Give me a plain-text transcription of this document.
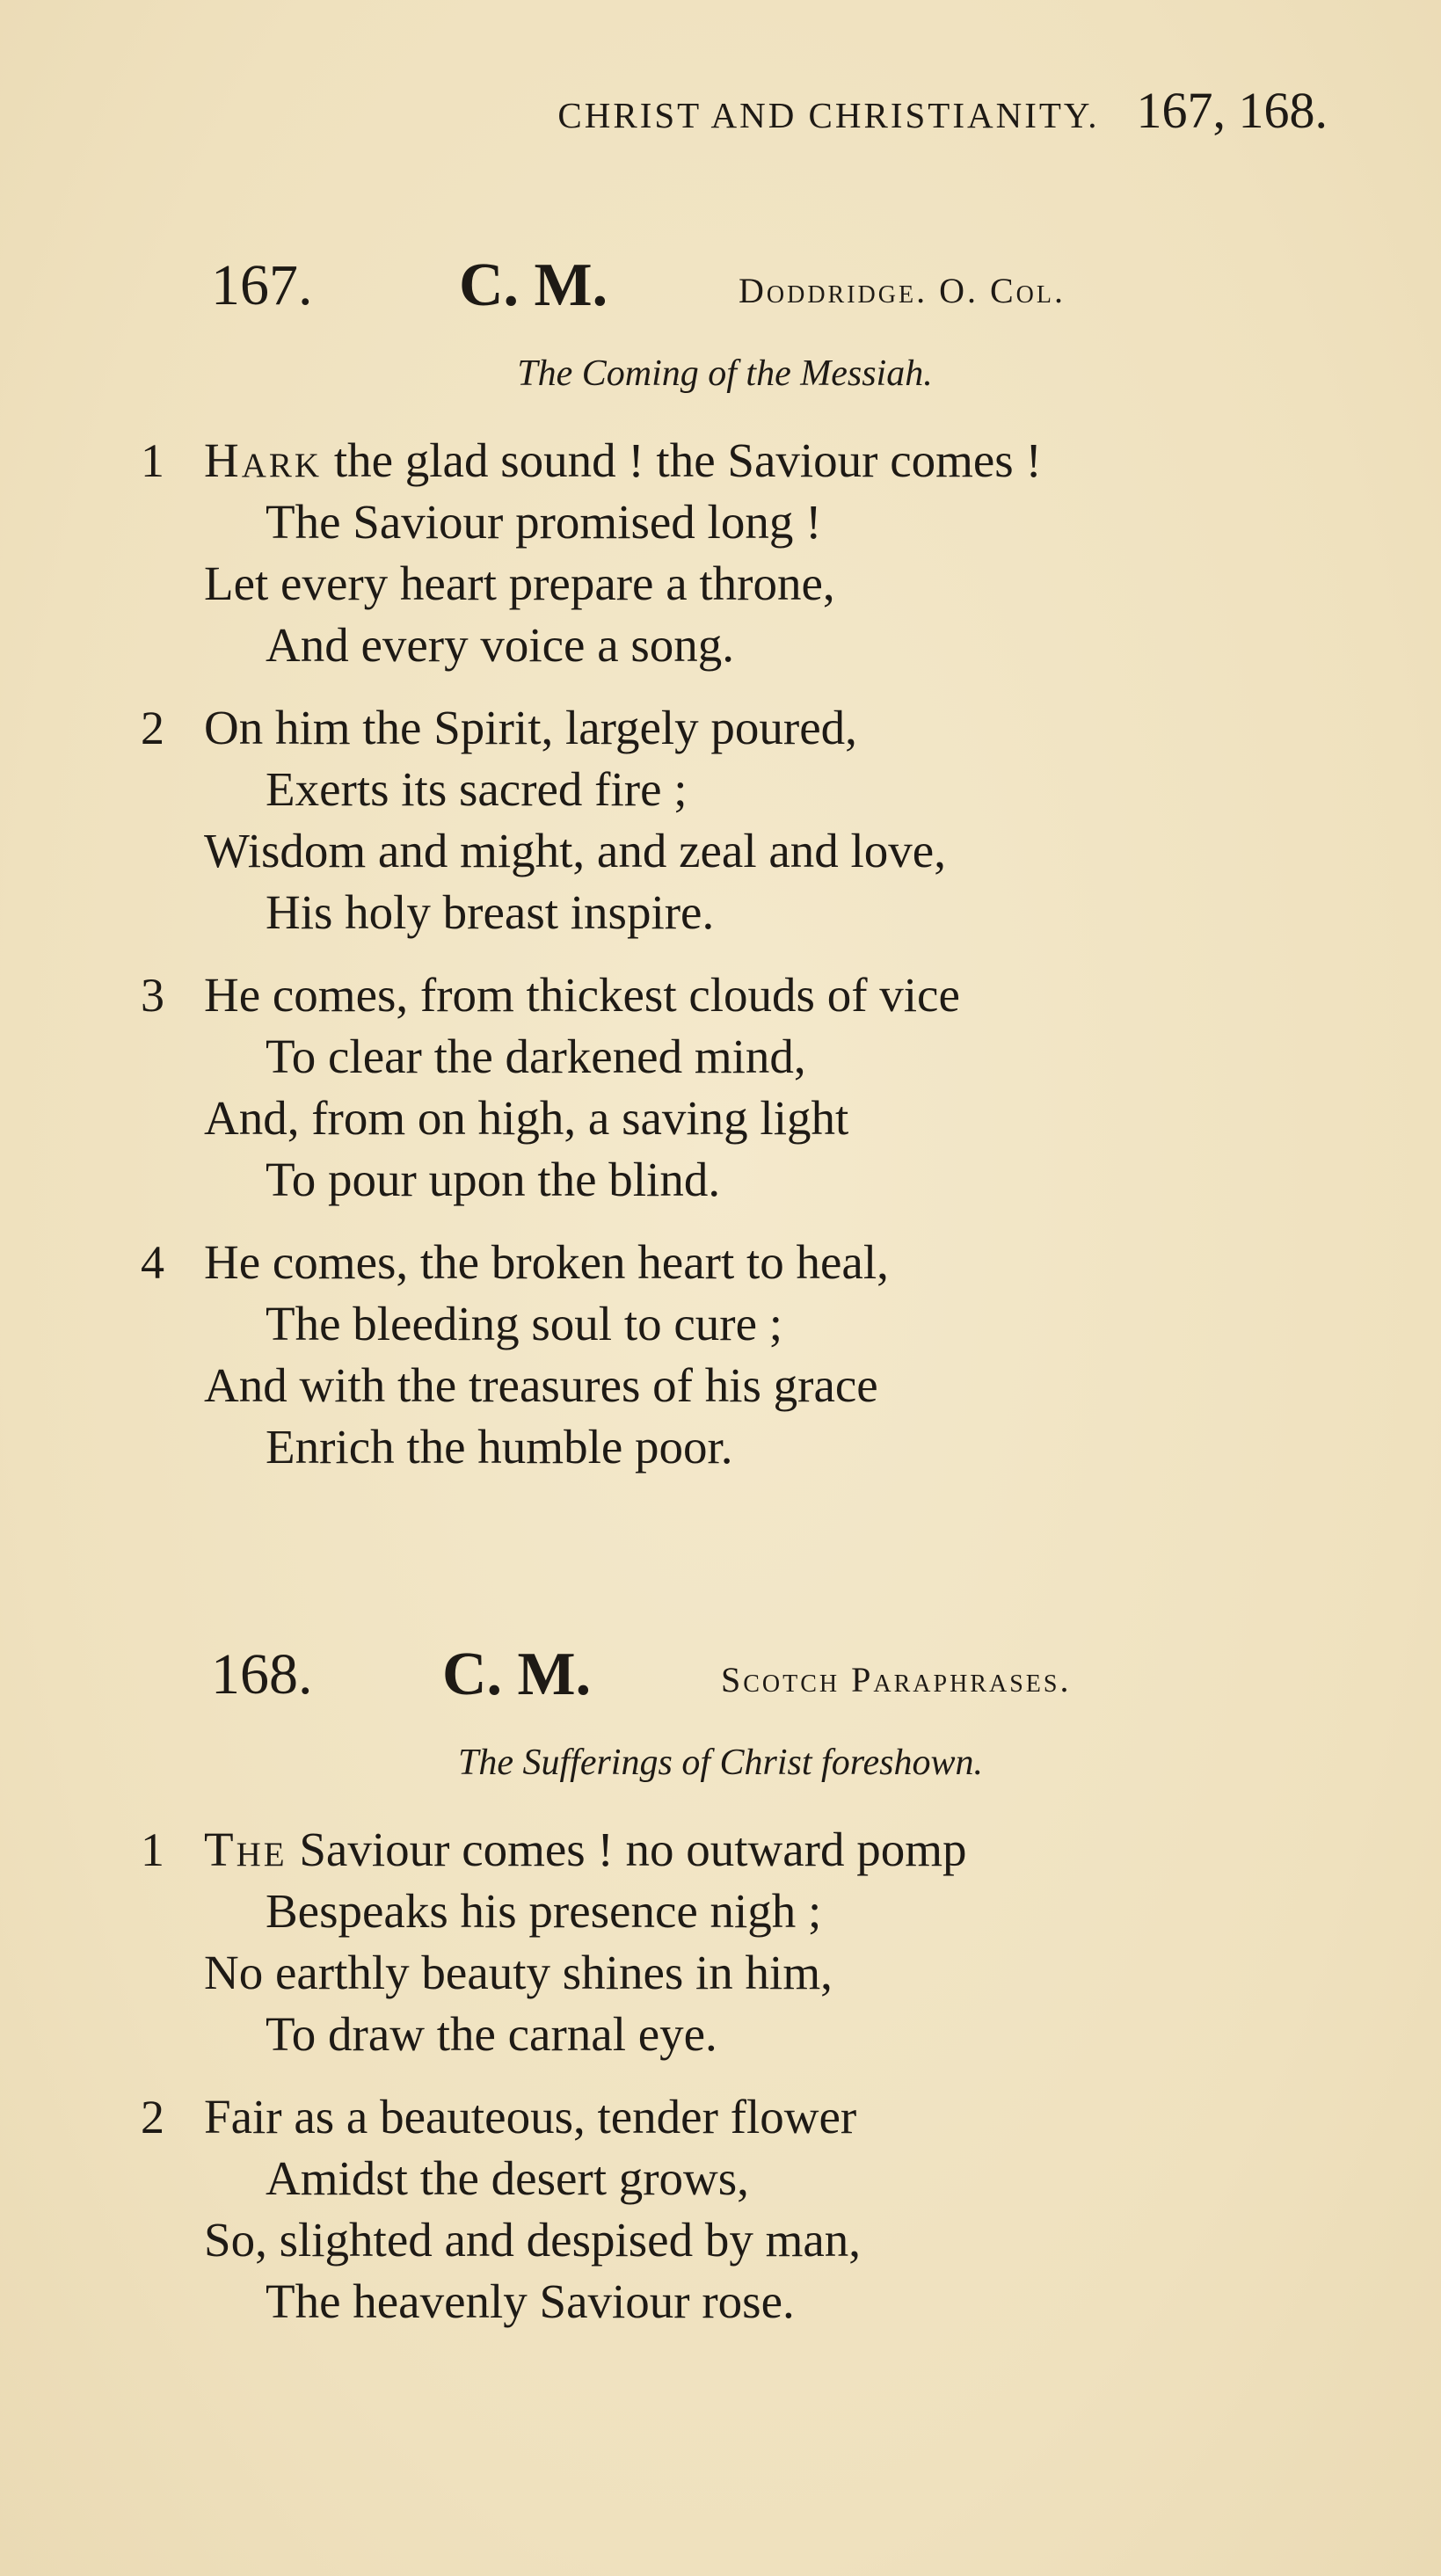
CHRIST AND CHRISTIANITY. 167, 168.
167. C. M.	Doddridge. O. Col.
The Coming of the Messiah.
1 Hark the glad sound ! the Saviour comes !
The Saviour promised long !
Let every heart prepare a throne,
And every voice a song.
2 On him the Spirit, largely poured,
Exerts its sacred fire ;
Wisdom and might, and zeal and love,
His holy breast inspire.
3 He comes, from thickest clouds of vice
To clear the darkened mind,
And, from on high, a saving light
To pour upon the blind.
4 He comes, the broken heart to heal,
The bleeding soul to cure ;
And with the treasures of his grace
Enrich the humble poor.
168. C. M.	Scotch Paraphrases.
The Sufferings of Christ foreshown.
1 The Saviour comes ! no outward pomp
Bespeaks his presence nigh ;
No earthly beauty shines in him,
To draw the carnal eye.
2 Fair as a beauteous, tender flower
Amidst the desert grows,
So, slighted and despised by man,
The heavenly Saviour rose.
